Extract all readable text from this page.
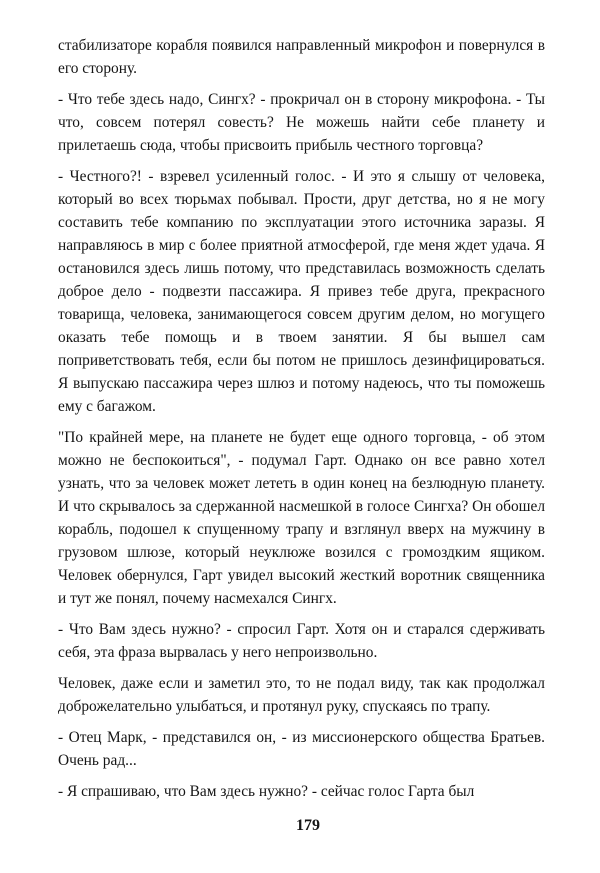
стабилизаторе корабля появился направленный микрофон и повернулся в его сторону.

- Что тебе здесь надо, Сингх? - прокричал он в сторону микрофона. - Ты что, совсем потерял совесть? Не можешь найти себе планету и прилетаешь сюда, чтобы присвоить прибыль честного торговца?

- Честного?! - взревел усиленный голос. - И это я слышу от человека, который во всех тюрьмах побывал. Прости, друг детства, но я не могу составить тебе компанию по эксплуатации этого источника заразы. Я направляюсь в мир с более приятной атмосферой, где меня ждет удача. Я остановился здесь лишь потому, что представилась возможность сделать доброе дело - подвезти пассажира. Я привез тебе друга, прекрасного товарища, человека, занимающегося совсем другим делом, но могущего оказать тебе помощь и в твоем занятии. Я бы вышел сам поприветствовать тебя, если бы потом не пришлось дезинфицироваться. Я выпускаю пассажира через шлюз и потому надеюсь, что ты поможешь ему с багажом.

"По крайней мере, на планете не будет еще одного торговца, - об этом можно не беспокоиться", - подумал Гарт. Однако он все равно хотел узнать, что за человек может лететь в один конец на безлюдную планету. И что скрывалось за сдержанной насмешкой в голосе Сингха? Он обошел корабль, подошел к спущенному трапу и взглянул вверх на мужчину в грузовом шлюзе, который неуклюже возился с громоздким ящиком. Человек обернулся, Гарт увидел высокий жесткий воротник священника и тут же понял, почему насмехался Сингх.

- Что Вам здесь нужно? - спросил Гарт. Хотя он и старался сдерживать себя, эта фраза вырвалась у него непроизвольно.

Человек, даже если и заметил это, то не подал виду, так как продолжал доброжелательно улыбаться, и протянул руку, спускаясь по трапу.

- Отец Марк, - представился он, - из миссионерского общества Братьев. Очень рад...

- Я спрашиваю, что Вам здесь нужно? - сейчас голос Гарта был

179
